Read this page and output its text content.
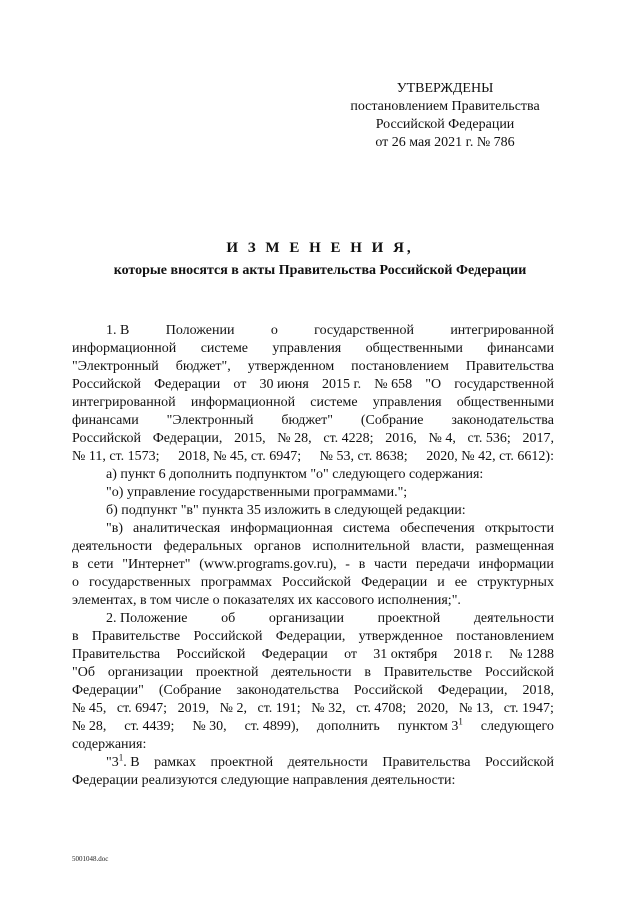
УТВЕРЖДЕНЫ
постановлением Правительства
Российской Федерации
от 26 мая 2021 г. № 786
И З М Е Н Е Н И Я,
которые вносятся в акты Правительства Российской Федерации
1. В	Положении	о	государственной	интегрированной
информационной системе управления общественными финансами
"Электронный бюджет", утвержденном постановлением Правительства
Российской Федерации от 30 июня 2015 г. № 658 "О государственной
интегрированной информационной системе управления общественными
финансами "Электронный бюджет" (Собрание законодательства
Российской Федерации, 2015, № 28, ст. 4228; 2016, № 4, ст. 536; 2017,
№ 11, ст. 1573; 2018, № 45, ст. 6947; № 53, ст. 8638; 2020, № 42, ст. 6612):
а) пункт 6 дополнить подпунктом "о" следующего содержания:
"о) управление государственными программами.";
б) подпункт "в" пункта 35 изложить в следующей редакции:
"в) аналитическая информационная система обеспечения открытости
деятельности федеральных органов исполнительной власти, размещенная
в сети "Интернет" (www.programs.gov.ru), - в части передачи информации
о государственных программах Российской Федерации и ее структурных
элементах, в том числе о показателях их кассового исполнения;".
2. Положение об организации проектной деятельности
в Правительстве Российской Федерации, утвержденное постановлением
Правительства Российской Федерации от 31 октября 2018 г. № 1288
"Об организации проектной деятельности в Правительстве Российской
Федерации" (Собрание законодательства Российской Федерации, 2018,
№ 45, ст. 6947; 2019, № 2, ст. 191; № 32, ст. 4708; 2020, № 13, ст. 1947;
№ 28, ст. 4439; № 30, ст. 4899), дополнить пунктом $3^1$ следующего
содержания:
"$3^1$. В рамках проектной деятельности Правительства Российской
Федерации реализуются следующие направления деятельности:
5001048.doc
